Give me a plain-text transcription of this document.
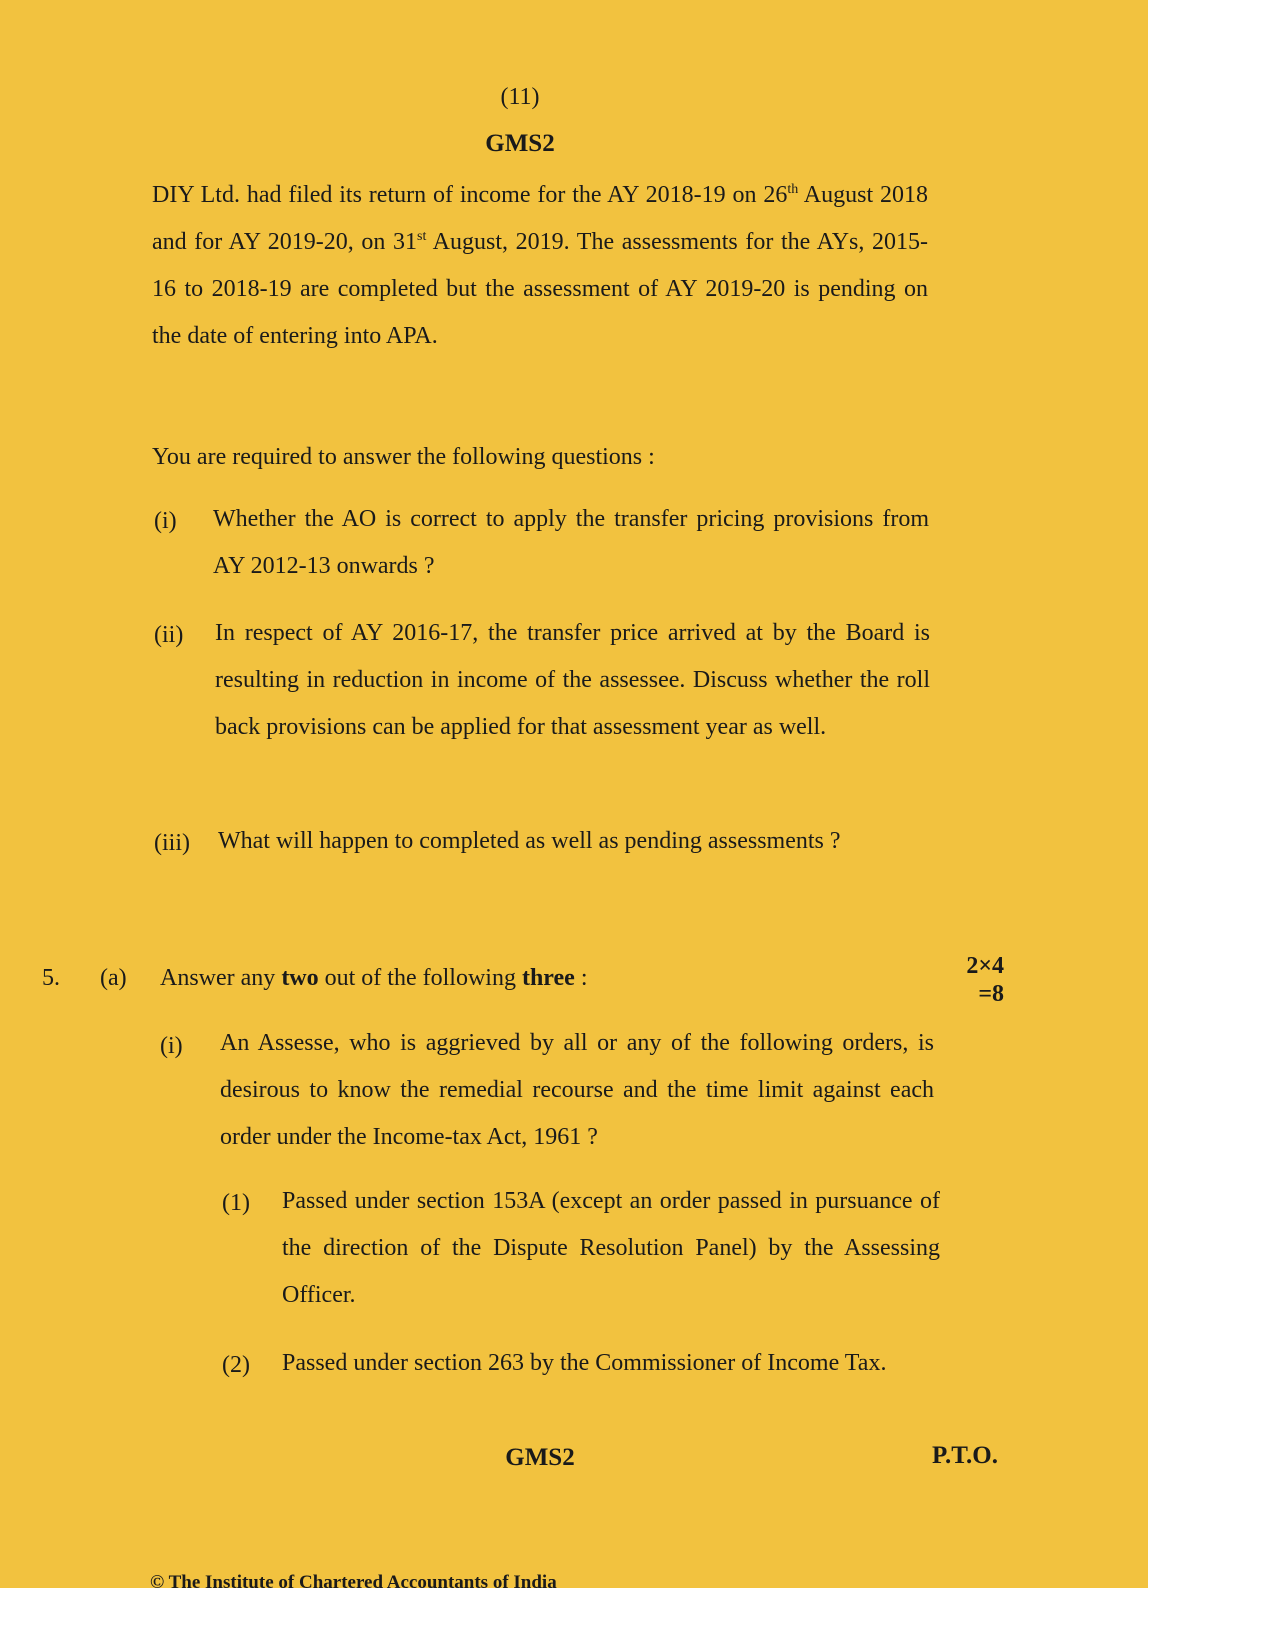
(11)
GMS2
DIY Ltd. had filed its return of income for the AY 2018-19 on 26th August 2018 and for AY 2019-20, on 31st August, 2019. The assessments for the AYs, 2015-16 to 2018-19 are completed but the assessment of AY 2019-20 is pending on the date of entering into APA.
You are required to answer the following questions :
(i) Whether the AO is correct to apply the transfer pricing provisions from AY 2012-13 onwards ?
(ii) In respect of AY 2016-17, the transfer price arrived at by the Board is resulting in reduction in income of the assessee. Discuss whether the roll back provisions can be applied for that assessment year as well.
(iii) What will happen to completed as well as pending assessments ?
5. (a) Answer any two out of the following three :	2×4
=8
(i) An Assesse, who is aggrieved by all or any of the following orders, is desirous to know the remedial recourse and the time limit against each order under the Income-tax Act, 1961 ?
(1) Passed under section 153A (except an order passed in pursuance of the direction of the Dispute Resolution Panel) by the Assessing Officer.
(2) Passed under section 263 by the Commissioner of Income Tax.
GMS2	P.T.O.
© The Institute of Chartered Accountants of India
